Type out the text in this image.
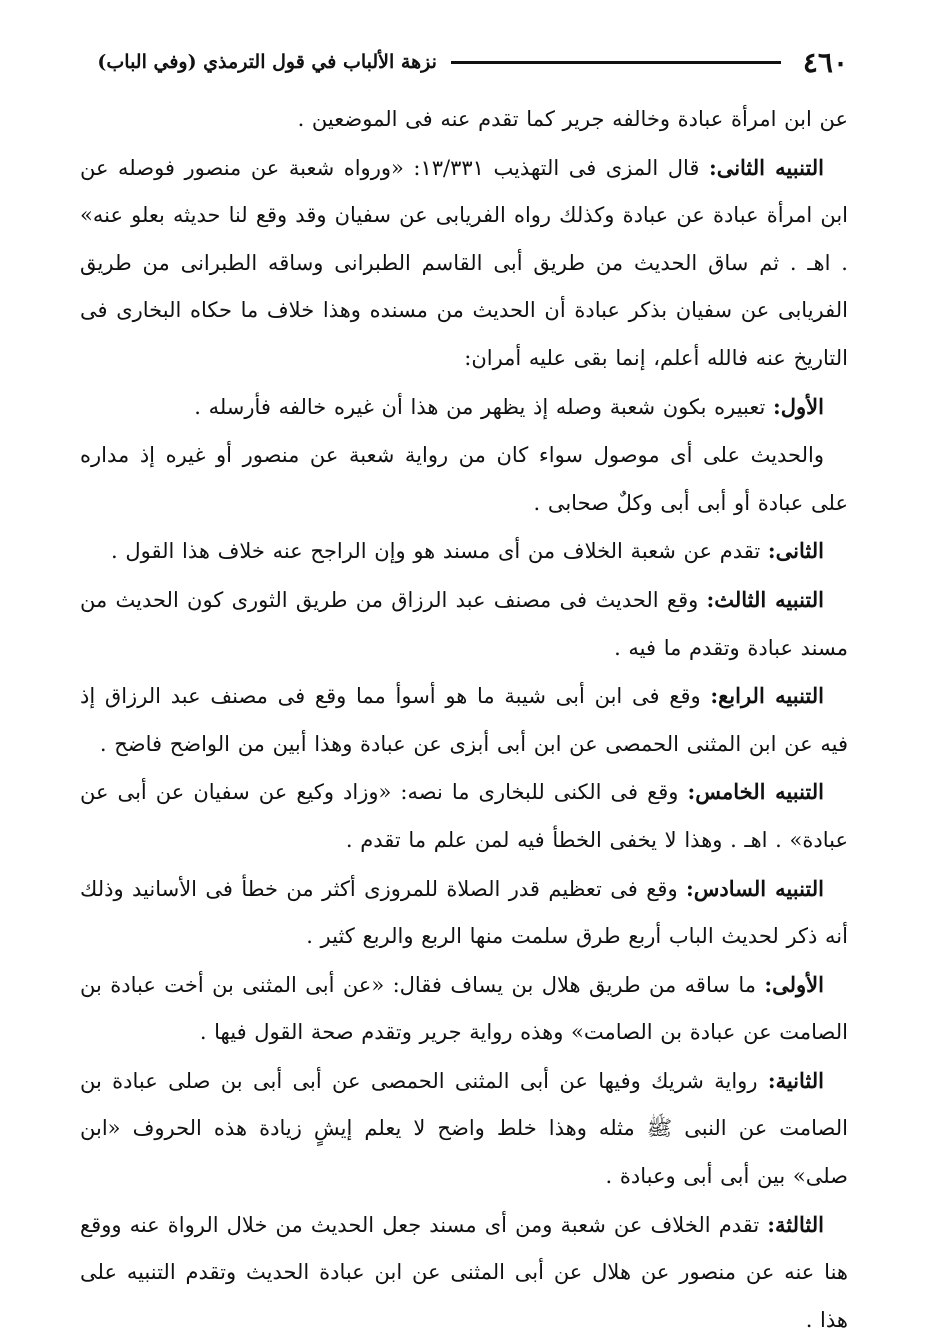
٤٦٠
نزهة الألباب في قول الترمذي (وفي الباب)

عن ابن امرأة عبادة وخالفه جرير كما تقدم عنه فى الموضعين .

التنبيه الثانى: قال المزى فى التهذيب ١٣/٣٣١: «ورواه شعبة عن منصور فوصله عن ابن امرأة عبادة عن عبادة وكذلك رواه الفريابى عن سفيان وقد وقع لنا حديثه بعلو عنه» . اهـ . ثم ساق الحديث من طريق أبى القاسم الطبرانى وساقه الطبرانى من طريق الفريابى عن سفيان بذكر عبادة أن الحديث من مسنده وهذا خلاف ما حكاه البخارى فى التاريخ عنه فالله أعلم، إنما بقى عليه أمران:

الأول: تعبيره بكون شعبة وصله إذ يظهر من هذا أن غيره خالفه فأرسله .

والحديث على أى موصول سواء كان من رواية شعبة عن منصور أو غيره إذ مداره على عبادة أو أبى أبى وكلٌ صحابى .

الثانى: تقدم عن شعبة الخلاف من أى مسند هو وإن الراجح عنه خلاف هذا القول .

التنبيه الثالث: وقع الحديث فى مصنف عبد الرزاق من طريق الثورى كون الحديث من مسند عبادة وتقدم ما فيه .

التنبيه الرابع: وقع فى ابن أبى شيبة ما هو أسوأ مما وقع فى مصنف عبد الرزاق إذ فيه عن ابن المثنى الحمصى عن ابن أبى أبزى عن عبادة وهذا أبين من الواضح فاضح .

التنبيه الخامس: وقع فى الكنى للبخارى ما نصه: «وزاد وكيع عن سفيان عن أبى عن عبادة» . اهـ . وهذا لا يخفى الخطأ فيه لمن علم ما تقدم .

التنبيه السادس: وقع فى تعظيم قدر الصلاة للمروزى أكثر من خطأ فى الأسانيد وذلك أنه ذكر لحديث الباب أربع طرق سلمت منها الربع والربع كثير .

الأولى: ما ساقه من طريق هلال بن يساف فقال: «عن أبى المثنى بن أخت عبادة بن الصامت عن عبادة بن الصامت» وهذه رواية جرير وتقدم صحة القول فيها .

الثانية: رواية شريك وفيها عن أبى المثنى الحمصى عن أبى أبى بن صلى عبادة بن الصامت عن النبى ﷺ مثله وهذا خلط واضح لا يعلم إيشٍ زيادة هذه الحروف «ابن صلى» بين أبى أبى وعبادة .

الثالثة: تقدم الخلاف عن شعبة ومن أى مسند جعل الحديث من خلال الرواة عنه ووقع هنا عنه عن منصور عن هلال عن أبى المثنى عن ابن عبادة الحديث وتقدم التنبيه على هذا .
